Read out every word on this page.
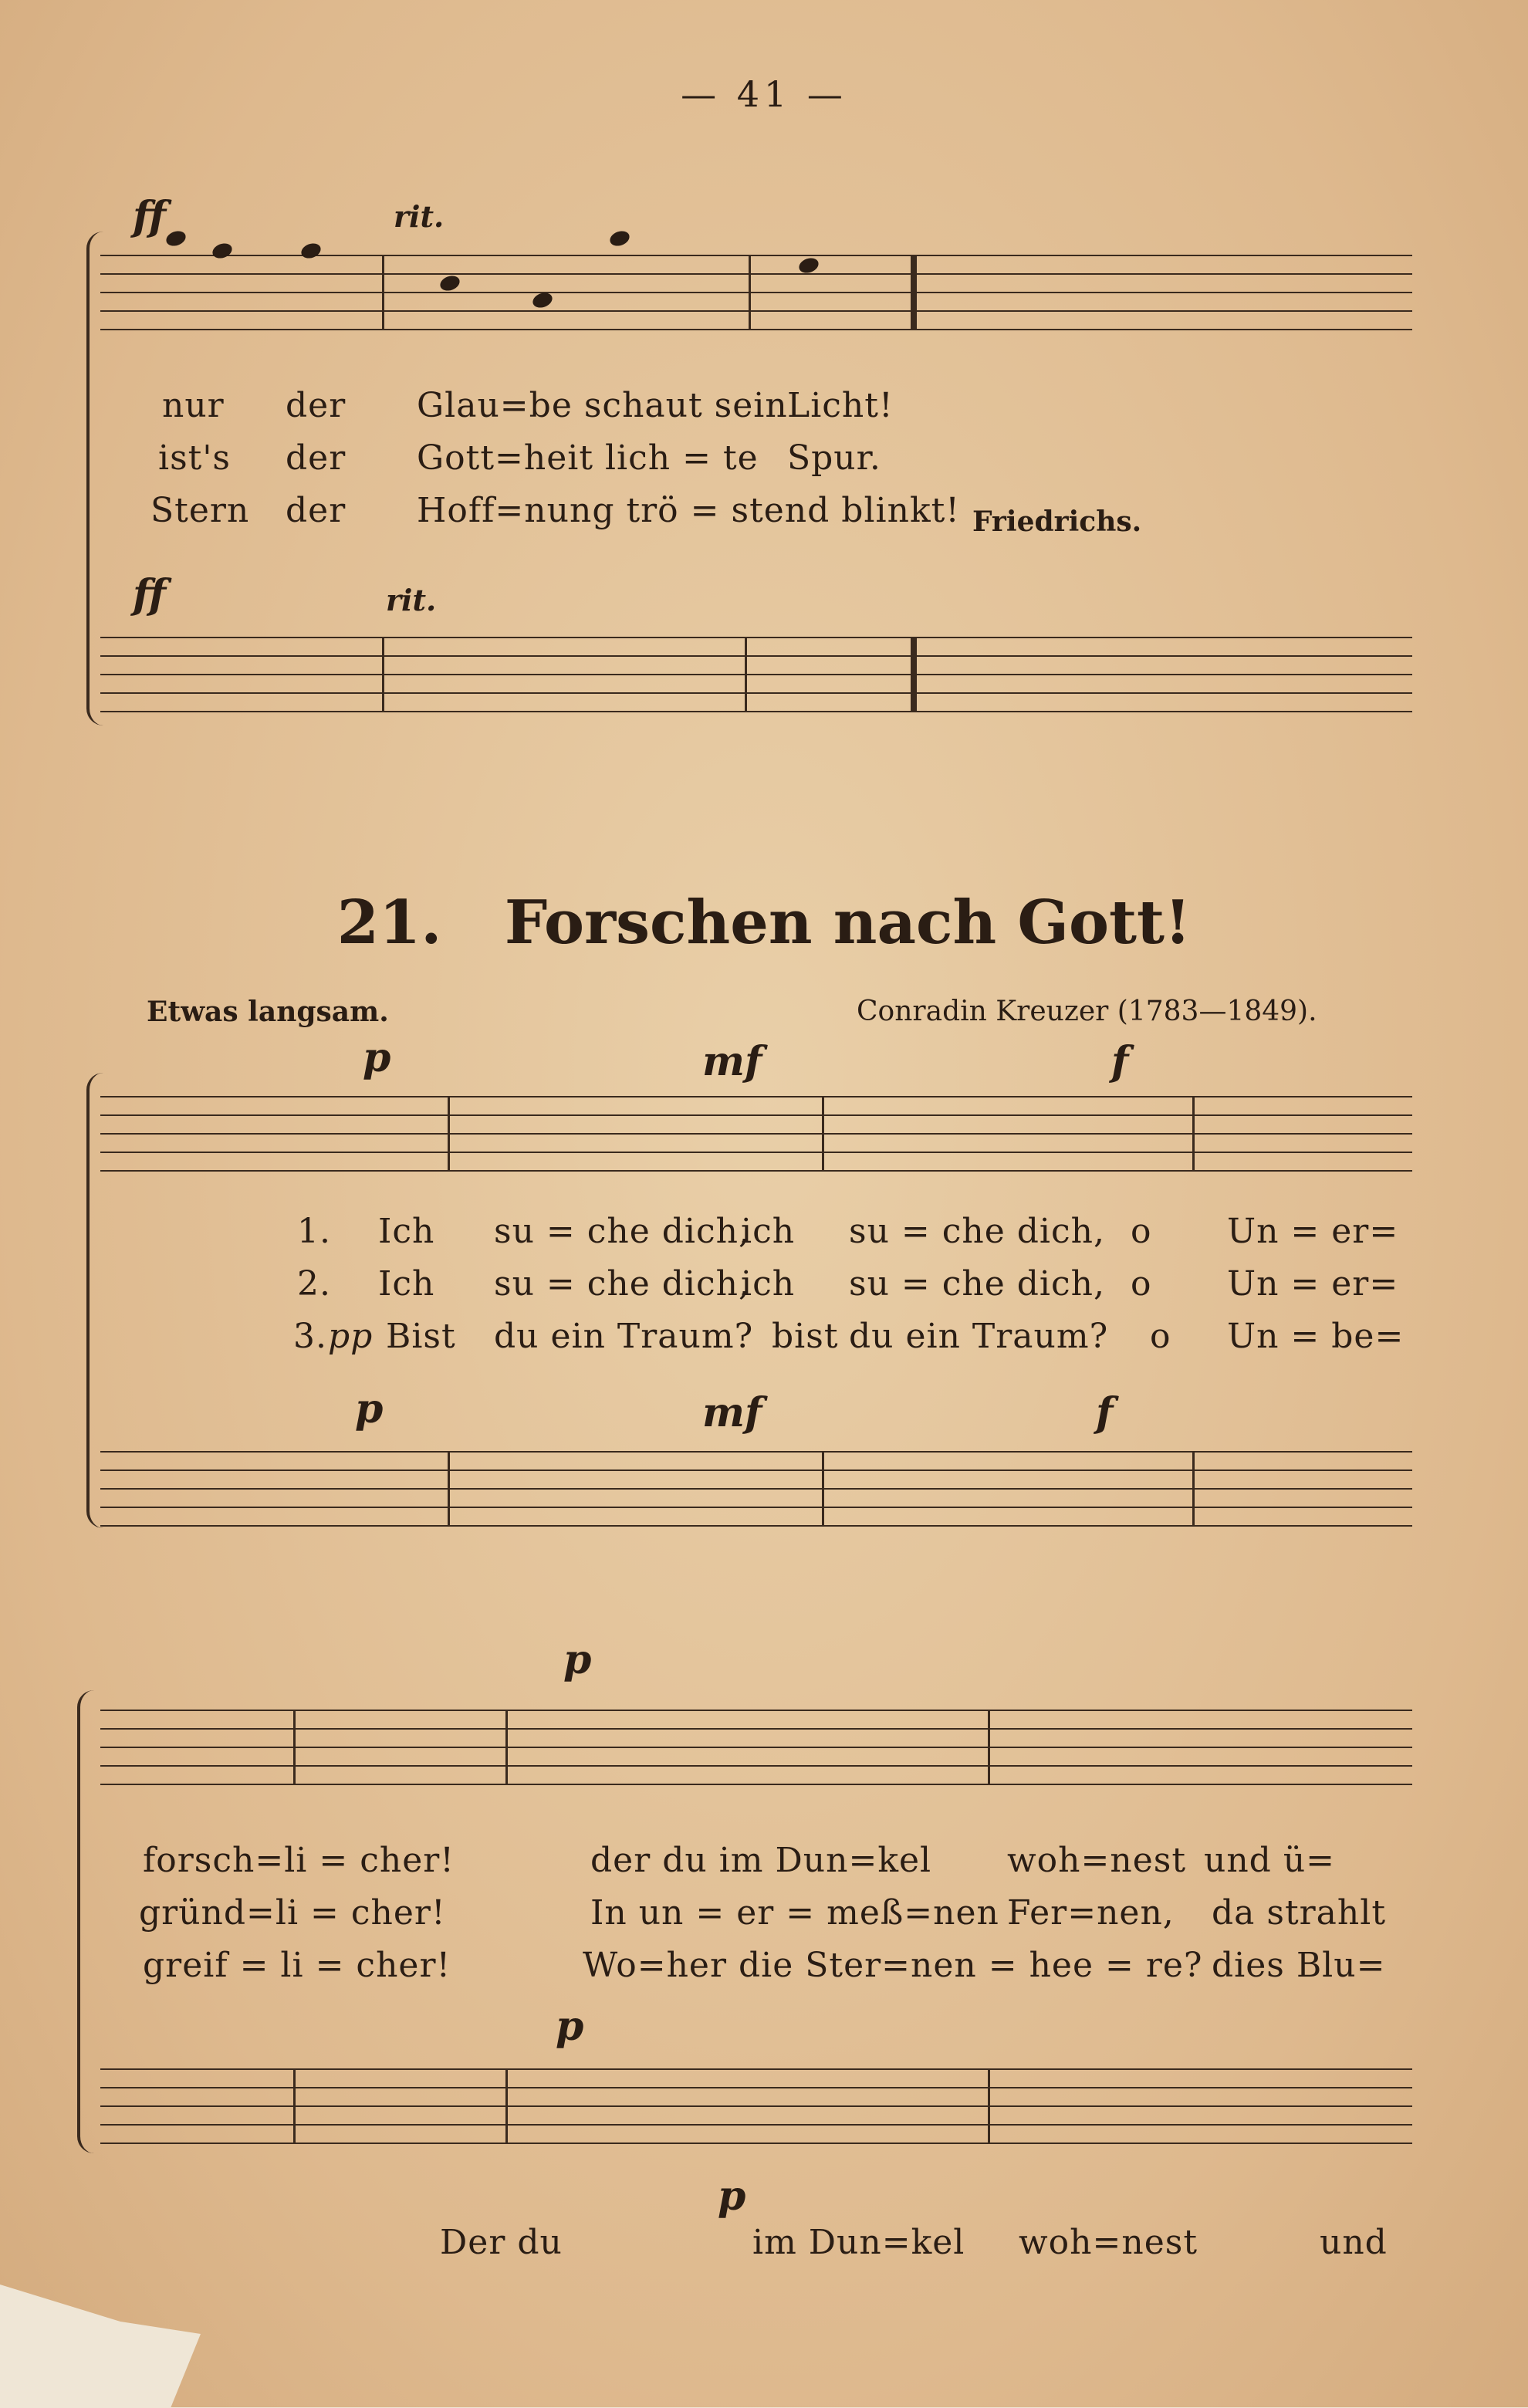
— 41 —
ff	rit.
nur der Glau=be schaut sein Licht!
ist's der Gott=heit lich = te Spur.
Stern der Hoff=nung trö = stend blinkt! Friedrichs.
ff	rit.
21. Forschen nach Gott!
Etwas langsam.	Conradin Kreuzer (1783—1849).
p	mf	f
1. Ich su = che dich,
ich su = che dich, o Un = er=
2. Ich su = che dich,
ich su = che dich, o Un = er=
3. pp Bist du ein Traum? bist du ein Traum? o Un = be=
p	mf	f
p
forsch=li = cher!	der du im Dun=kel woh=nest und ü=
gründ=li = cher!	In un = er = meß=nen Fer=nen, da strahlt
greif = li = cher!	Wo=her die Ster=nen = hee = re? dies Blu=
p
p
Der du	im Dun=kel woh=nest	und
